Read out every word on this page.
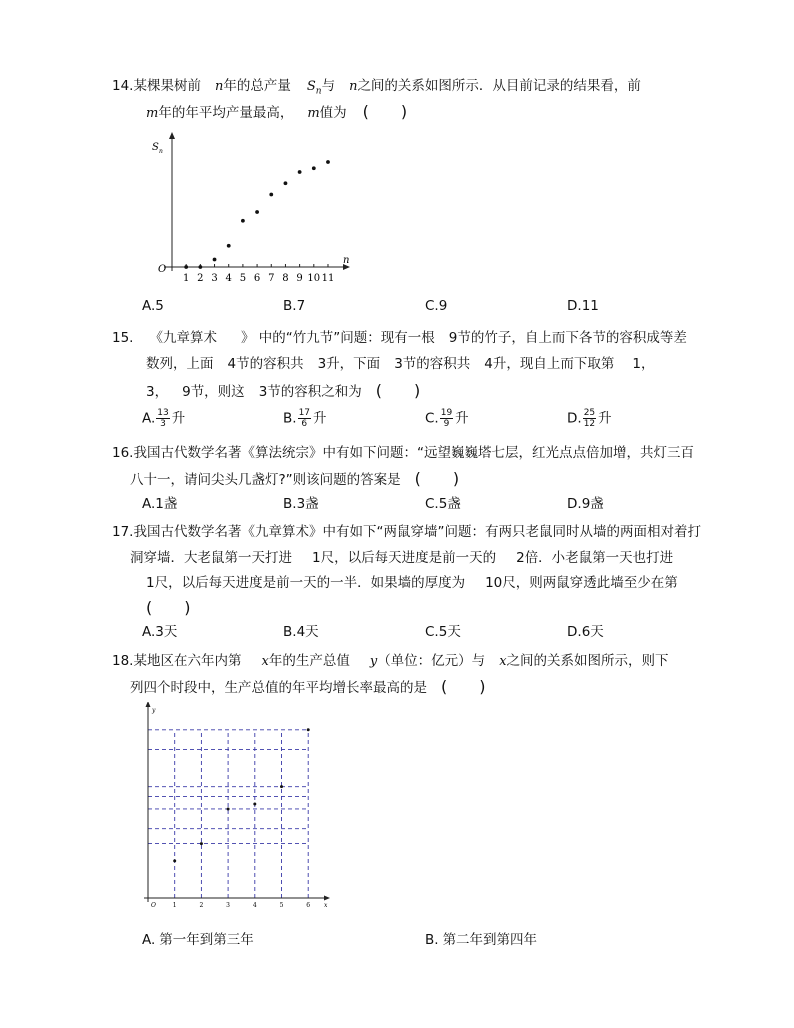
14.某棵果树前 n年的总产量 $S_n$与 n之间的关系如图所示．从目前记录的结果看，前
m年的年平均产量最高， m值为 (　　)
S n
n
O
1 2 3 4 5 6 7 8 9 10 11
A.5	B.7	C.9	D.11
15. 《九章算术 》 中的“竹九节”问题：现有一根 9节的竹子，自上而下各节的容积成等差
数列，上面 4节的容积共 3升，下面 3节的容积共 4升，现自上而下取第 1，
3， 9节，则这 3节的容积之和为 (　　)
A. $\frac{13}{3}$ 升	B. $\frac{17}{6}$ 升	C. $\frac{19}{9}$ 升	D. $\frac{25}{12}$ 升
16.我国古代数学名著《算法统宗》中有如下问题：“远望巍巍塔七层，红光点点倍加增，共灯三百
八十一，请问尖头几盏灯?”则该问题的答案是 (　　)
A.1盏	B.3盏	C.5盏	D.9盏
17.我国古代数学名著《九章算术》中有如下“两鼠穿墙”问题：有两只老鼠同时从墙的两面相对着打
洞穿墙．大老鼠第一天打进 1尺，以后每天进度是前一天的 2倍．小老鼠第一天也打进
1尺，以后每天进度是前一天的一半．如果墙的厚度为 10尺，则两鼠穿透此墙至少在第
(　　)
A.3天	B.4天	C.5天	D.6天
18.某地区在六年内第 x年的生产总值 y（单位：亿元）与 x之间的关系如图所示，则下
列四个时段中，生产总值的年平均增长率最高的是 (　　)
y
x
O	1	2	3	4	5	6
A. 第一年到第三年	B. 第二年到第四年
